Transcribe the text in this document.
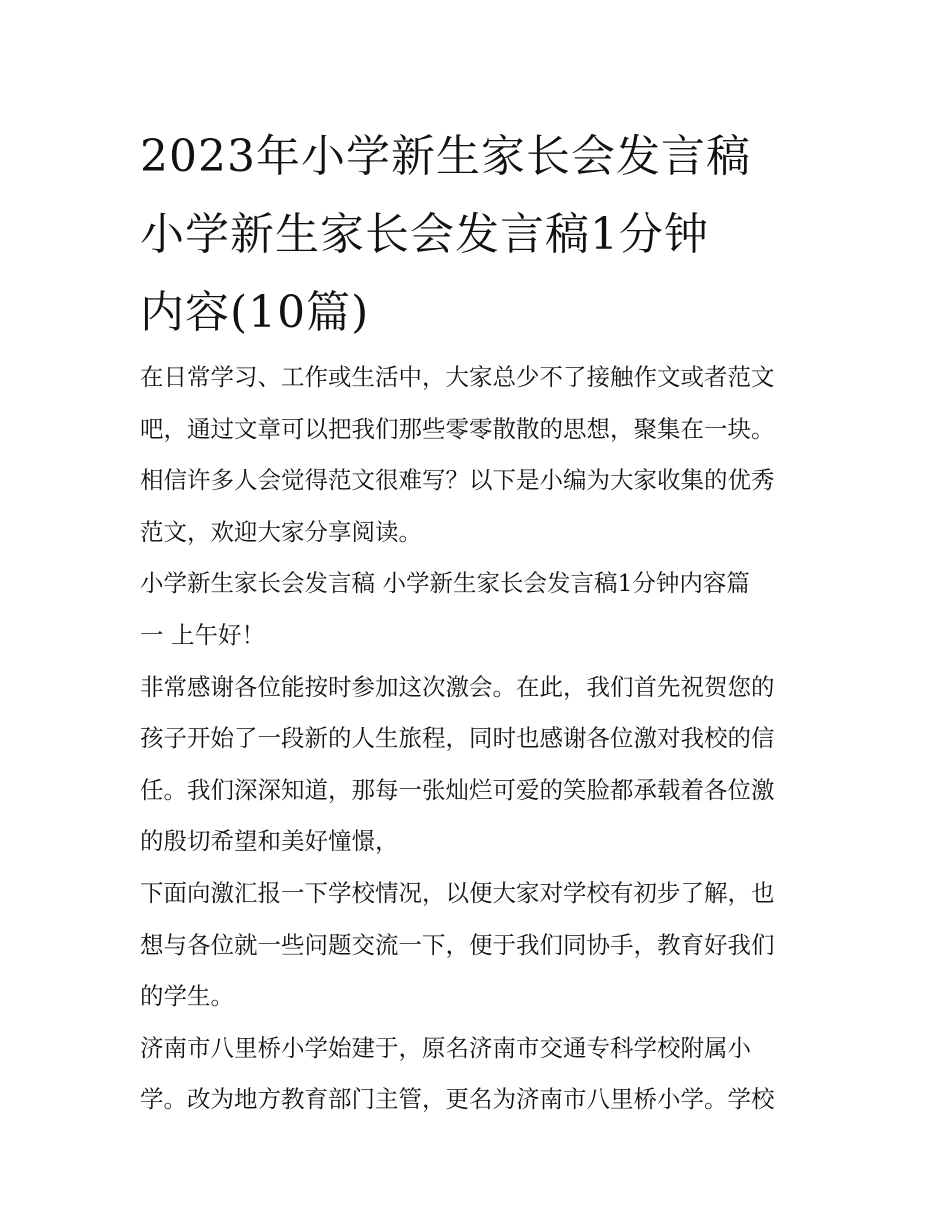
2023年小学新生家长会发言稿
小学新生家长会发言稿1分钟
内容(10篇)
在日常学习、工作或生活中，大家总少不了接触作文或者范文
吧，通过文章可以把我们那些零零散散的思想，聚集在一块。
相信许多人会觉得范文很难写？以下是小编为大家收集的优秀
范文，欢迎大家分享阅读。
小学新生家长会发言稿 小学新生家长会发言稿1分钟内容篇
一 上午好！
非常感谢各位能按时参加这次激会。在此，我们首先祝贺您的
孩子开始了一段新的人生旅程，同时也感谢各位激对我校的信
任。我们深深知道，那每一张灿烂可爱的笑脸都承载着各位激
的殷切希望和美好憧憬，
下面向激汇报一下学校情况，以便大家对学校有初步了解，也
想与各位就一些问题交流一下，便于我们同协手，教育好我们
的学生。
济南市八里桥小学始建于，原名济南市交通专科学校附属小
学。改为地方教育部门主管，更名为济南市八里桥小学。学校
